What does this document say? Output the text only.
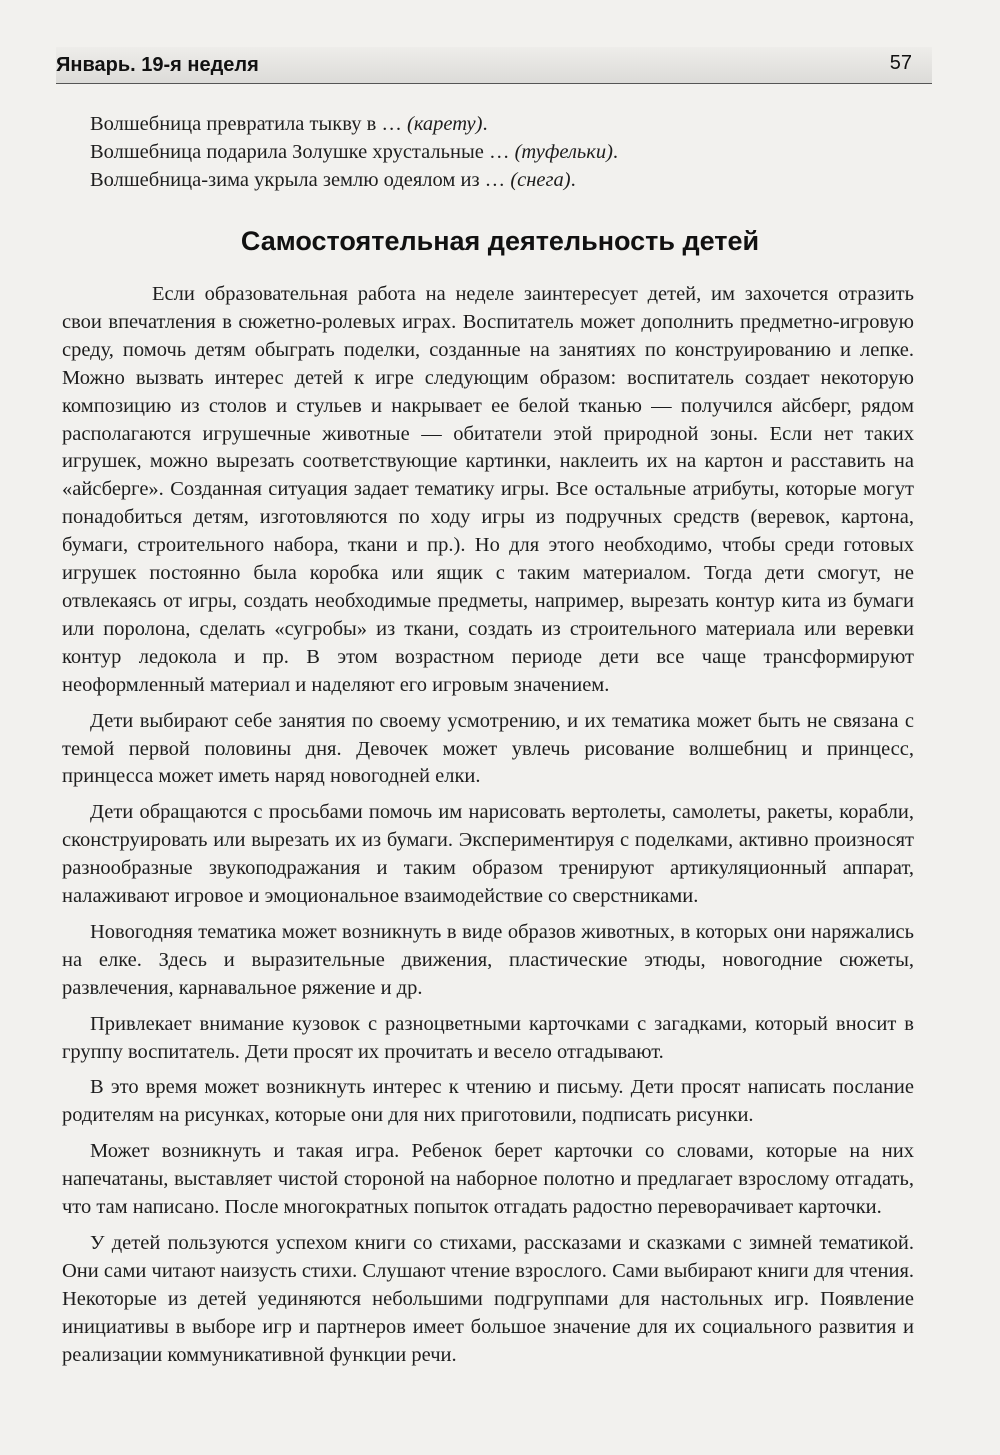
Январь. 19-я неделя	57

Волшебница превратила тыкву в … (карету).

Волшебница подарила Золушке хрустальные … (туфельки).

Волшебница-зима укрыла землю одеялом из … (снега).

Самостоятельная деятельность детей

Если образовательная работа на неделе заинтересует детей, им захочется отразить свои впечатления в сюжетно-ролевых играх. Воспитатель может дополнить предметно-игровую среду, помочь детям обыграть поделки, созданные на занятиях по конструированию и лепке. Можно вызвать интерес детей к игре следующим образом: воспитатель создает некоторую композицию из столов и стульев и накрывает ее белой тканью — получился айсберг, рядом располагаются игрушечные животные — обитатели этой природной зоны. Если нет таких игрушек, можно вырезать соответствующие картинки, наклеить их на картон и расставить на «айсберге». Созданная ситуация задает тематику игры. Все остальные атрибуты, которые могут понадобиться детям, изготовляются по ходу игры из подручных средств (веревок, картона, бумаги, строительного набора, ткани и пр.). Но для этого необходимо, чтобы среди готовых игрушек постоянно была коробка или ящик с таким материалом. Тогда дети смогут, не отвлекаясь от игры, создать необходимые предметы, например, вырезать контур кита из бумаги или поролона, сделать «сугробы» из ткани, создать из строительного материала или веревки контур ледокола и пр. В этом возрастном периоде дети все чаще трансформируют неоформленный материал и наделяют его игровым значением.

Дети выбирают себе занятия по своему усмотрению, и их тематика может быть не связана с темой первой половины дня. Девочек может увлечь рисование волшебниц и принцесс, принцесса может иметь наряд новогодней елки.

Дети обращаются с просьбами помочь им нарисовать вертолеты, самолеты, ракеты, корабли, сконструировать или вырезать их из бумаги. Экспериментируя с поделками, активно произносят разнообразные звукоподражания и таким образом тренируют артикуляционный аппарат, налаживают игровое и эмоциональное взаимодействие со сверстниками.

Новогодняя тематика может возникнуть в виде образов животных, в которых они наряжались на елке. Здесь и выразительные движения, пластические этюды, новогодние сюжеты, развлечения, карнавальное ряжение и др.

Привлекает внимание кузовок с разноцветными карточками с загадками, который вносит в группу воспитатель. Дети просят их прочитать и весело отгадывают.

В это время может возникнуть интерес к чтению и письму. Дети просят написать послание родителям на рисунках, которые они для них приготовили, подписать рисунки.

Может возникнуть и такая игра. Ребенок берет карточки со словами, которые на них напечатаны, выставляет чистой стороной на наборное полотно и предлагает взрослому отгадать, что там написано. После многократных попыток отгадать радостно переворачивает карточки.

У детей пользуются успехом книги со стихами, рассказами и сказками с зимней тематикой. Они сами читают наизусть стихи. Слушают чтение взрослого. Сами выбирают книги для чтения. Некоторые из детей уединяются небольшими подгруппами для настольных игр. Появление инициативы в выборе игр и партнеров имеет большое значение для их социального развития и реализации коммуникативной функции речи.
